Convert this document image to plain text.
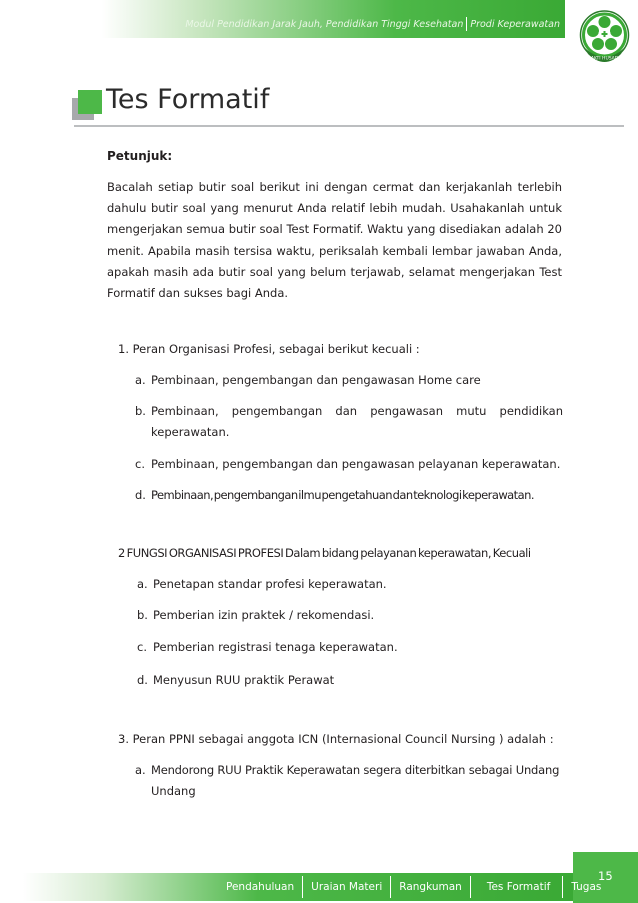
Modul Pendidikan Jarak Jauh, Pendidikan Tinggi Kesehatan Prodi Keperawatan
BAKTI HUSADA
Tes Formatif
Petunjuk:

Bacalah setiap butir soal berikut ini dengan cermat dan kerjakanlah terlebih dahulu butir soal yang menurut Anda relatif lebih mudah. Usahakanlah untuk mengerjakan semua butir soal Test Formatif. Waktu yang disediakan adalah 20 menit. Apabila masih tersisa waktu, periksalah kembali lembar jawaban Anda, apakah masih ada butir soal yang belum terjawab, selamat mengerjakan Test Formatif dan sukses bagi Anda.

1. Peran Organisasi Profesi, sebagai berikut kecuali :
a. Pembinaan, pengembangan dan pengawasan Home care
b. Pembinaan, pengembangan dan pengawasan mutu pendidikan
keperawatan.
c. Pembinaan, pengembangan dan pengawasan pelayanan keperawatan.
d. Pembinaan, pengembangan ilmu pengetahuan dan teknologi keperawatan.
2 FUNGSI ORGANISASI PROFESI Dalam bidang pelayanan keperawatan, Kecuali
a. Penetapan standar profesi keperawatan.
b. Pemberian izin praktek / rekomendasi.
c. Pemberian registrasi tenaga keperawatan.
d. Menyusun RUU praktik Perawat
3. Peran PPNI sebagai anggota ICN (Internasional Council Nursing ) adalah :
a. Mendorong RUU Praktik Keperawatan segera diterbitkan sebagai Undang
Undang
15
Pendahuluan	Uraian Materi	Rangkuman	Tes Formatif	Tugas
